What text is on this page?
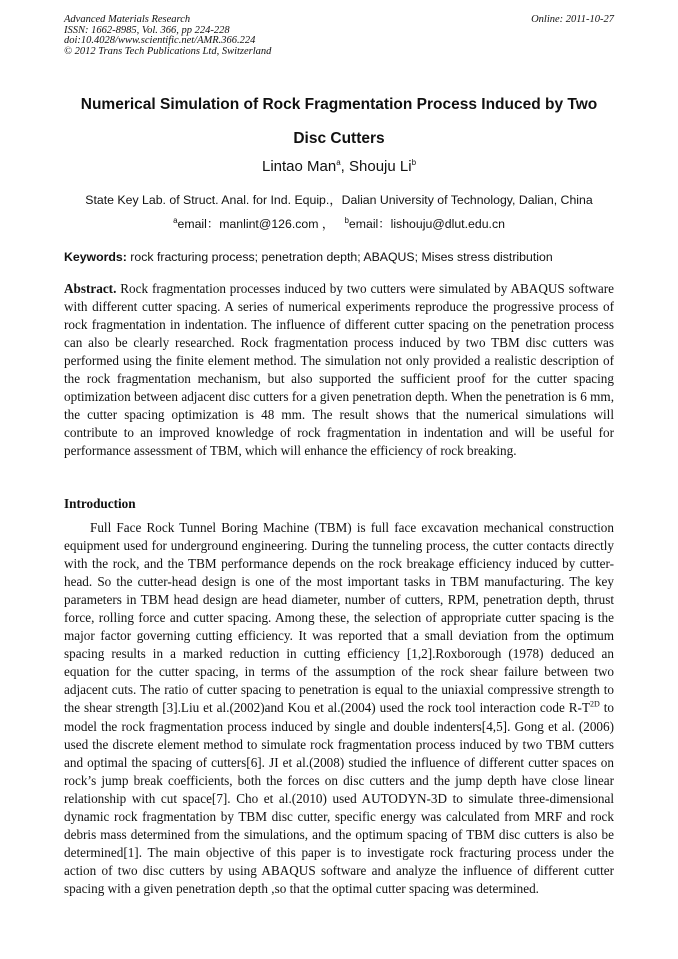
Advanced Materials Research
ISSN: 1662-8985, Vol. 366, pp 224-228
doi:10.4028/www.scientific.net/AMR.366.224
© 2012 Trans Tech Publications Ltd, Switzerland
Online: 2011-10-27
Numerical Simulation of Rock Fragmentation Process Induced by Two
Disc Cutters
Lintao Man$^a$, Shouju Li$^b$
State Key Lab. of Struct. Anal. for Ind. Equip.，Dalian University of Technology, Dalian, China
$^a$email：manlint@126.com ， $^b$email：lishouju@dlut.edu.cn
Keywords: rock fracturing process; penetration depth; ABAQUS; Mises stress distribution
Abstract. Rock fragmentation processes induced by two cutters were simulated by ABAQUS software with different cutter spacing. A series of numerical experiments reproduce the progressive process of rock fragmentation in indentation. The influence of different cutter spacing on the penetration process can also be clearly researched. Rock fragmentation process induced by two TBM disc cutters was performed using the finite element method. The simulation not only provided a realistic description of the rock fragmentation mechanism, but also supported the sufficient proof for the cutter spacing optimization between adjacent disc cutters for a given penetration depth. When the penetration is 6 mm, the cutter spacing optimization is 48 mm. The result shows that the numerical simulations will contribute to an improved knowledge of rock fragmentation in indentation and will be useful for performance assessment of TBM, which will enhance the efficiency of rock breaking.
Introduction
Full Face Rock Tunnel Boring Machine (TBM) is full face excavation mechanical construction equipment used for underground engineering. During the tunneling process, the cutter contacts directly with the rock, and the TBM performance depends on the rock breakage efficiency induced by cutter-head. So the cutter-head design is one of the most important tasks in TBM manufacturing. The key parameters in TBM head design are head diameter, number of cutters, RPM, penetration depth, thrust force, rolling force and cutter spacing. Among these, the selection of appropriate cutter spacing is the major factor governing cutting efficiency. It was reported that a small deviation from the optimum spacing results in a marked reduction in cutting efficiency [1,2].Roxborough (1978) deduced an equation for the cutter spacing, in terms of the assumption of the rock shear failure between two adjacent cuts. The ratio of cutter spacing to penetration is equal to the uniaxial compressive strength to the shear strength [3].Liu et al.(2002)and Kou et al.(2004) used the rock tool interaction code $R-T^{2D}$ to model the rock fragmentation process induced by single and double indenters[4,5]. Gong et al. (2006) used the discrete element method to simulate rock fragmentation process induced by two TBM cutters and optimal the spacing of cutters[6]. JI et al.(2008) studied the influence of different cutter spaces on rock’s jump break coefficients, both the forces on disc cutters and the jump depth have close linear relationship with cut space[7]. Cho et al.(2010) used AUTODYN-3D to simulate three-dimensional dynamic rock fragmentation by TBM disc cutter, specific energy was calculated from MRF and rock debris mass determined from the simulations, and the optimum spacing of TBM disc cutters is also be determined[1]. The main objective of this paper is to investigate rock fracturing process under the action of two disc cutters by using ABAQUS software and analyze the influence of different cutter spacing with a given penetration depth ,so that the optimal cutter spacing was determined.
